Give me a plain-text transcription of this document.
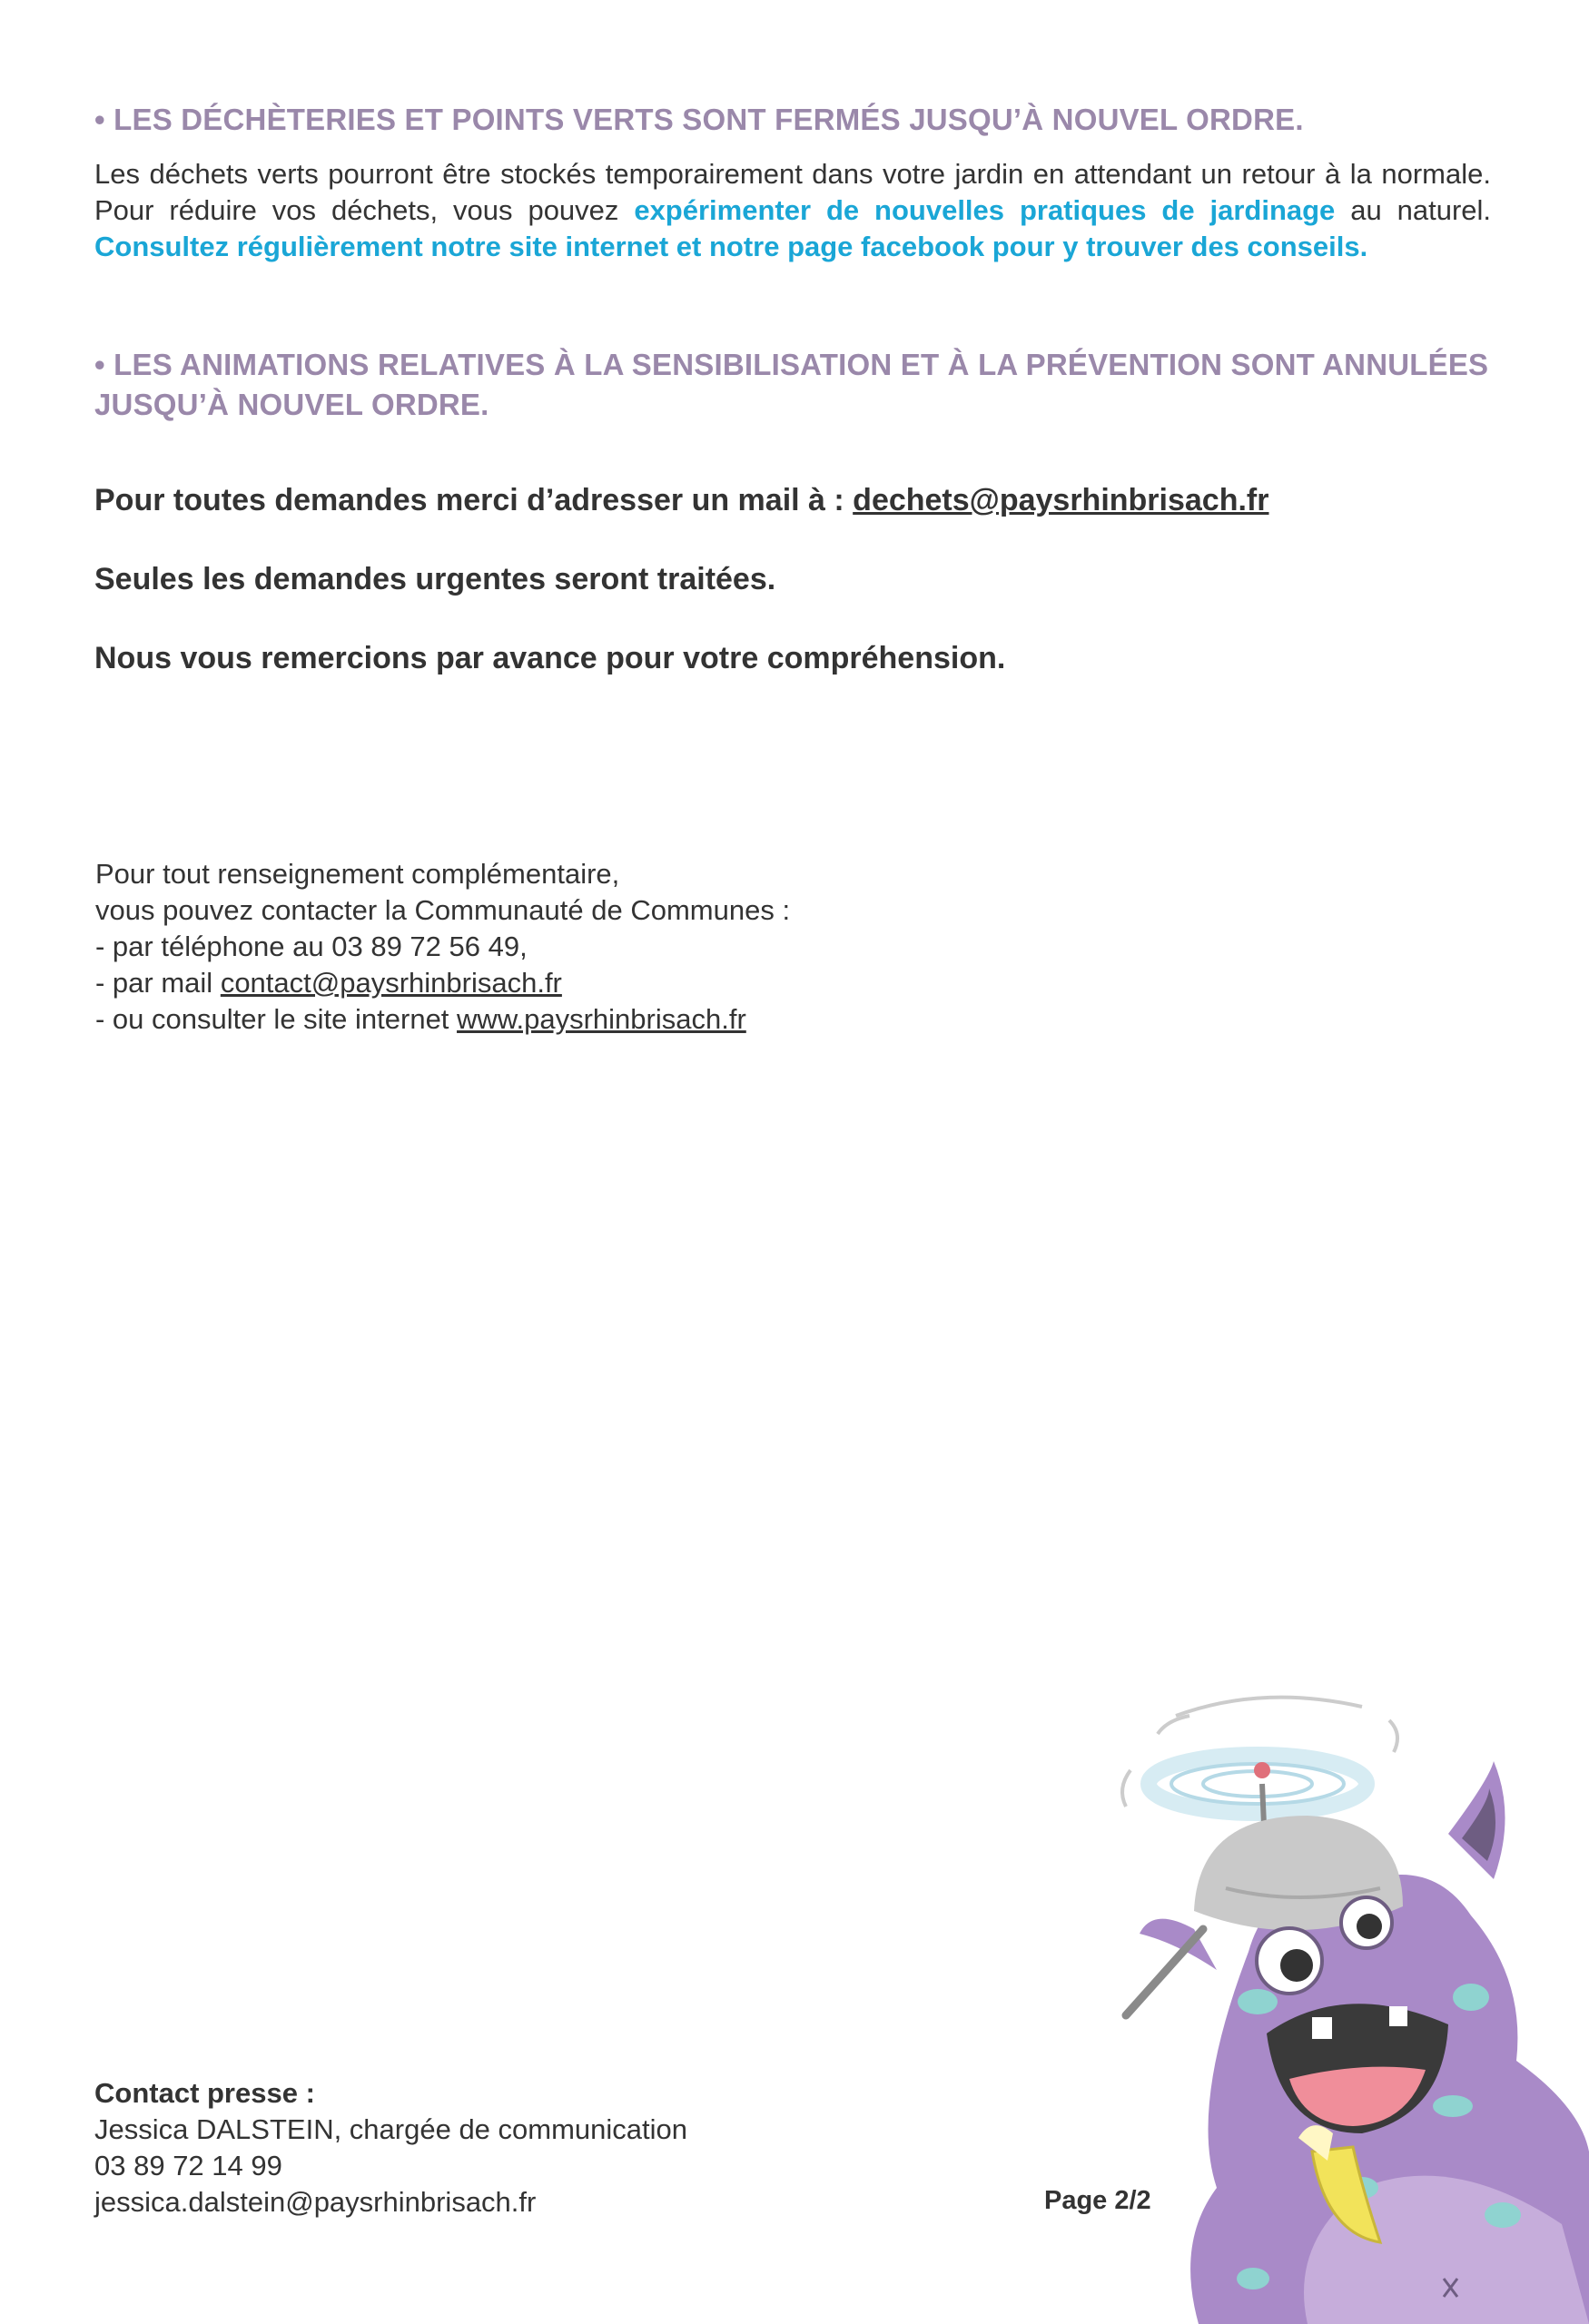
• LES DÉCHÈTERIES ET POINTS VERTS SONT FERMÉS JUSQU’À NOUVEL ORDRE.

Les déchets verts pourront être stockés temporairement dans votre jardin en attendant un retour à la normale. Pour réduire vos déchets, vous pouvez expérimenter de nouvelles pratiques de jardinage au naturel. Consultez régulièrement notre site internet et notre page facebook pour y trouver des conseils.

• LES ANIMATIONS RELATIVES À LA SENSIBILISATION ET À LA PRÉVENTION SONT ANNULÉES

JUSQU’À NOUVEL ORDRE.

Pour toutes demandes merci d’adresser un mail à : dechets@paysrhinbrisach.fr

Seules les demandes urgentes seront traitées.

Nous vous remercions par avance pour votre compréhension.

Pour tout renseignement complémentaire,
vous pouvez contacter la Communauté de Communes :
- par téléphone au 03 89 72 56 49,
- par mail contact@paysrhinbrisach.fr
- ou consulter le site internet www.paysrhinbrisach.fr
Contact presse :
Jessica DALSTEIN, chargée de communication
03 89 72 14 99
jessica.dalstein@paysrhinbrisach.fr	Page 2/2
